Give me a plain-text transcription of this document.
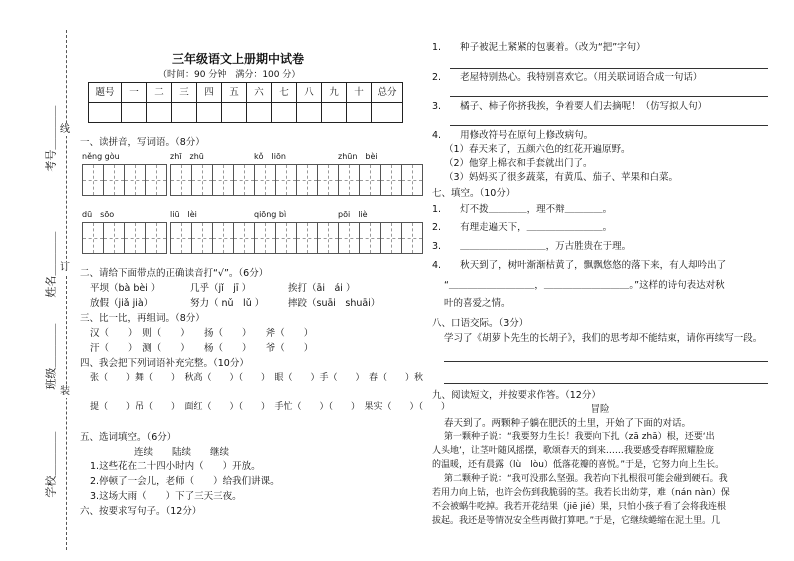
考号＿＿＿＿
姓名＿＿＿＿
班级＿＿＿＿
学校＿＿＿＿
线
订
装
三年级语文上册期中试卷
（时间：90 分钟　满分：100 分）
题号	一	二	三	四	五	六	七	八	九	十	总分

一、读拼音，写词语。（8分）
něng gòu	zhī　zhū	kǒ　liōn	zhūn　bèi
dū　sōo	liū　lèi	qiōng bì	pōi　liè
二、请给下面带点的正确读音打“√”。（6分）
平坝（bà bèi ）	几乎（jǐ　jī ）	挨打（āi　ái ）
放假（jiǎ jià）	努力（ nǔ　lǔ ）	摔跤（suāi　shuāi）
三、比一比，再组词。（8分）
汉（　　）　则（　　）　　扬（　　）　　斧（　　）
汗（　　）　测（　　）　　杨（　　）　　爷（　　）
四、我会把下列词语补充完整。（10分）
张（　　）舞（　　）　秋高（　　）（　　）　眼（　　）手（　　）　春（　　）秋
提（　　）吊（　　）　面红（　　）（　　）　手忙（　　）（　　）　果实（　　）（　　）
五、选词填空。（6分）
连续　　陆续　　继续
1.这些花在二十四小时内（　　）开放。
2.停顿了一会儿，老师（　　）给我们讲课。
3.这场大雨（　　）下了三天三夜。
六、按要求写句子。（12分）
1.　　种子被泥土紧紧的包裹着。（改为“把”字句）
2.　　老屋特别热心。我特别喜欢它。（用关联词语合成一句话）
3.　　橘子、柿子你挤我挨，争着要人们去摘呢！（仿写拟人句）
4.　　用修改符号在原句上修改病句。
（1）春天来了，五颜六色的红花开遍原野。
（2）他穿上棉衣和手套就出门了。
（3）妈妈买了很多蔬菜，有黄瓜、茄子、苹果和白菜。
七、填空。（10分）
1.　　灯不拨＿＿＿＿，理不辩＿＿＿＿。
2.　　有理走遍天下，＿＿＿＿＿＿＿＿。
3.　　＿＿＿＿＿＿＿＿＿，万古胜贵在于理。
4.　　秋天到了，树叶渐渐枯黄了，飘飘悠悠的落下来，有人却吟出了
“＿＿＿＿＿＿＿＿＿，＿＿＿＿＿＿＿＿＿。”这样的诗句表达对秋
叶的喜爱之情。
八、口语交际。（3分）
学习了《胡萝卜先生的长胡子》，我们的思考却不能结束，请你再续写一段。
九、阅读短文，并按要求作答。（12分）
冒险
春天到了。两颗种子躺在肥沃的土里，开始了下面的对话。
第一颗种子说：“我要努力生长！我要向下扎（zā zhā）根，还要‘出
人头地’，让茎叶随风摇摆，歌颂春天的到来……我要感受春晖照耀脸庞
的温暖，还有晨露（lù　lòu）低落花瓣的喜悦。”于是，它努力向上生长。
第二颗种子说：“我可没那么坚强。我若向下扎根很可能会碰到硬石。我
若用力向上钻，也许会伤到我脆弱的茎。我若长出幼芽，难（nán nàn）保
不会被蜗牛吃掉。我若开花结果（jiē jié）果，只怕小孩子看了会将我连根
拔起。我还是等情况安全些再做打算吧。”于是，它继续蜷缩在泥土里。几
